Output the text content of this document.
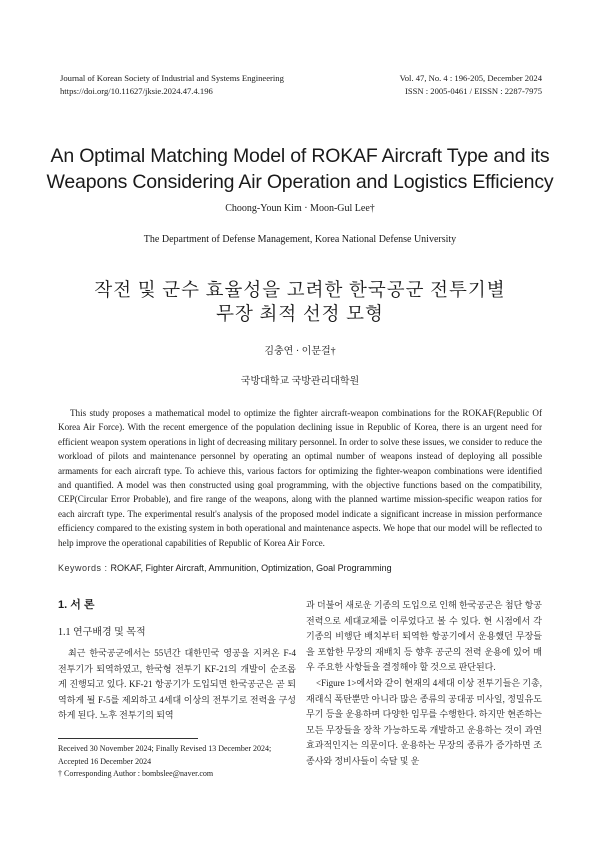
Journal of Korean Society of Industrial and Systems Engineering
https://doi.org/10.11627/jksie.2024.47.4.196
Vol. 47, No. 4 : 196-205, December 2024
ISSN : 2005-0461 / EISSN : 2287-7975
An Optimal Matching Model of ROKAF Aircraft Type and its
Weapons Considering Air Operation and Logistics Efficiency
Choong-Youn Kim · Moon-Gul Lee†
The Department of Defense Management, Korea National Defense University
작전 및 군수 효율성을 고려한 한국공군 전투기별
무장 최적 선정 모형
김충연 · 이문걸†
국방대학교 국방관리대학원
This study proposes a mathematical model to optimize the fighter aircraft-weapon combinations for the ROKAF(Republic Of Korea Air Force). With the recent emergence of the population declining issue in Republic of Korea, there is an urgent need for efficient weapon system operations in light of decreasing military personnel. In order to solve these issues, we consider to reduce the workload of pilots and maintenance personnel by operating an optimal number of weapons instead of deploying all possible armaments for each aircraft type. To achieve this, various factors for optimizing the fighter-weapon combinations were identified and quantified. A model was then constructed using goal programming, with the objective functions based on the compatibility, CEP(Circular Error Probable), and fire range of the weapons, along with the planned wartime mission-specific weapon ratios for each aircraft type. The experimental result's analysis of the proposed model indicate a significant increase in mission performance efficiency compared to the existing system in both operational and maintenance aspects. We hope that our model will be reflected to help improve the operational capabilities of Republic of Korea Air Force.
Keywords : ROKAF, Fighter Aircraft, Ammunition, Optimization, Goal Programming
1. 서 론
1.1 연구배경 및 목적
최근 한국공군에서는 55년간 대한민국 영공을 지켜온 F-4 전투기가 퇴역하였고, 한국형 전투기 KF-21의 개발이 순조롭게 진행되고 있다. KF-21 항공기가 도입되면 한국공군은 곧 퇴역하게 될 F-5를 제외하고 4세대 이상의 전투기로 전력을 구성하게 된다. 노후 전투기의 퇴역
과 더불어 새로운 기종의 도입으로 인해 한국공군은 첨단 항공전력으로 세대교체를 이루었다고 볼 수 있다. 현 시점에서 각 기종의 비행단 배치부터 퇴역한 항공기에서 운용했던 무장들을 포함한 무장의 재배치 등 향후 공군의 전력 운용에 있어 매우 주요한 사항들을 결정해야 할 것으로 판단된다.
<Figure 1>에서와 같이 현재의 4세대 이상 전투기들은 기총, 재래식 폭탄뿐만 아니라 많은 종류의 공대공 미사일, 정밀유도무기 등을 운용하며 다양한 임무를 수행한다. 하지만 현존하는 모든 무장들을 장착 가능하도록 개발하고 운용하는 것이 과연 효과적인지는 의문이다. 운용하는 무장의 종류가 증가하면 조종사와 정비사들이 숙달 및 운
Received 30 November 2024; Finally Revised 13 December 2024;
Accepted 16 December 2024
† Corresponding Author : bombslee@naver.com
